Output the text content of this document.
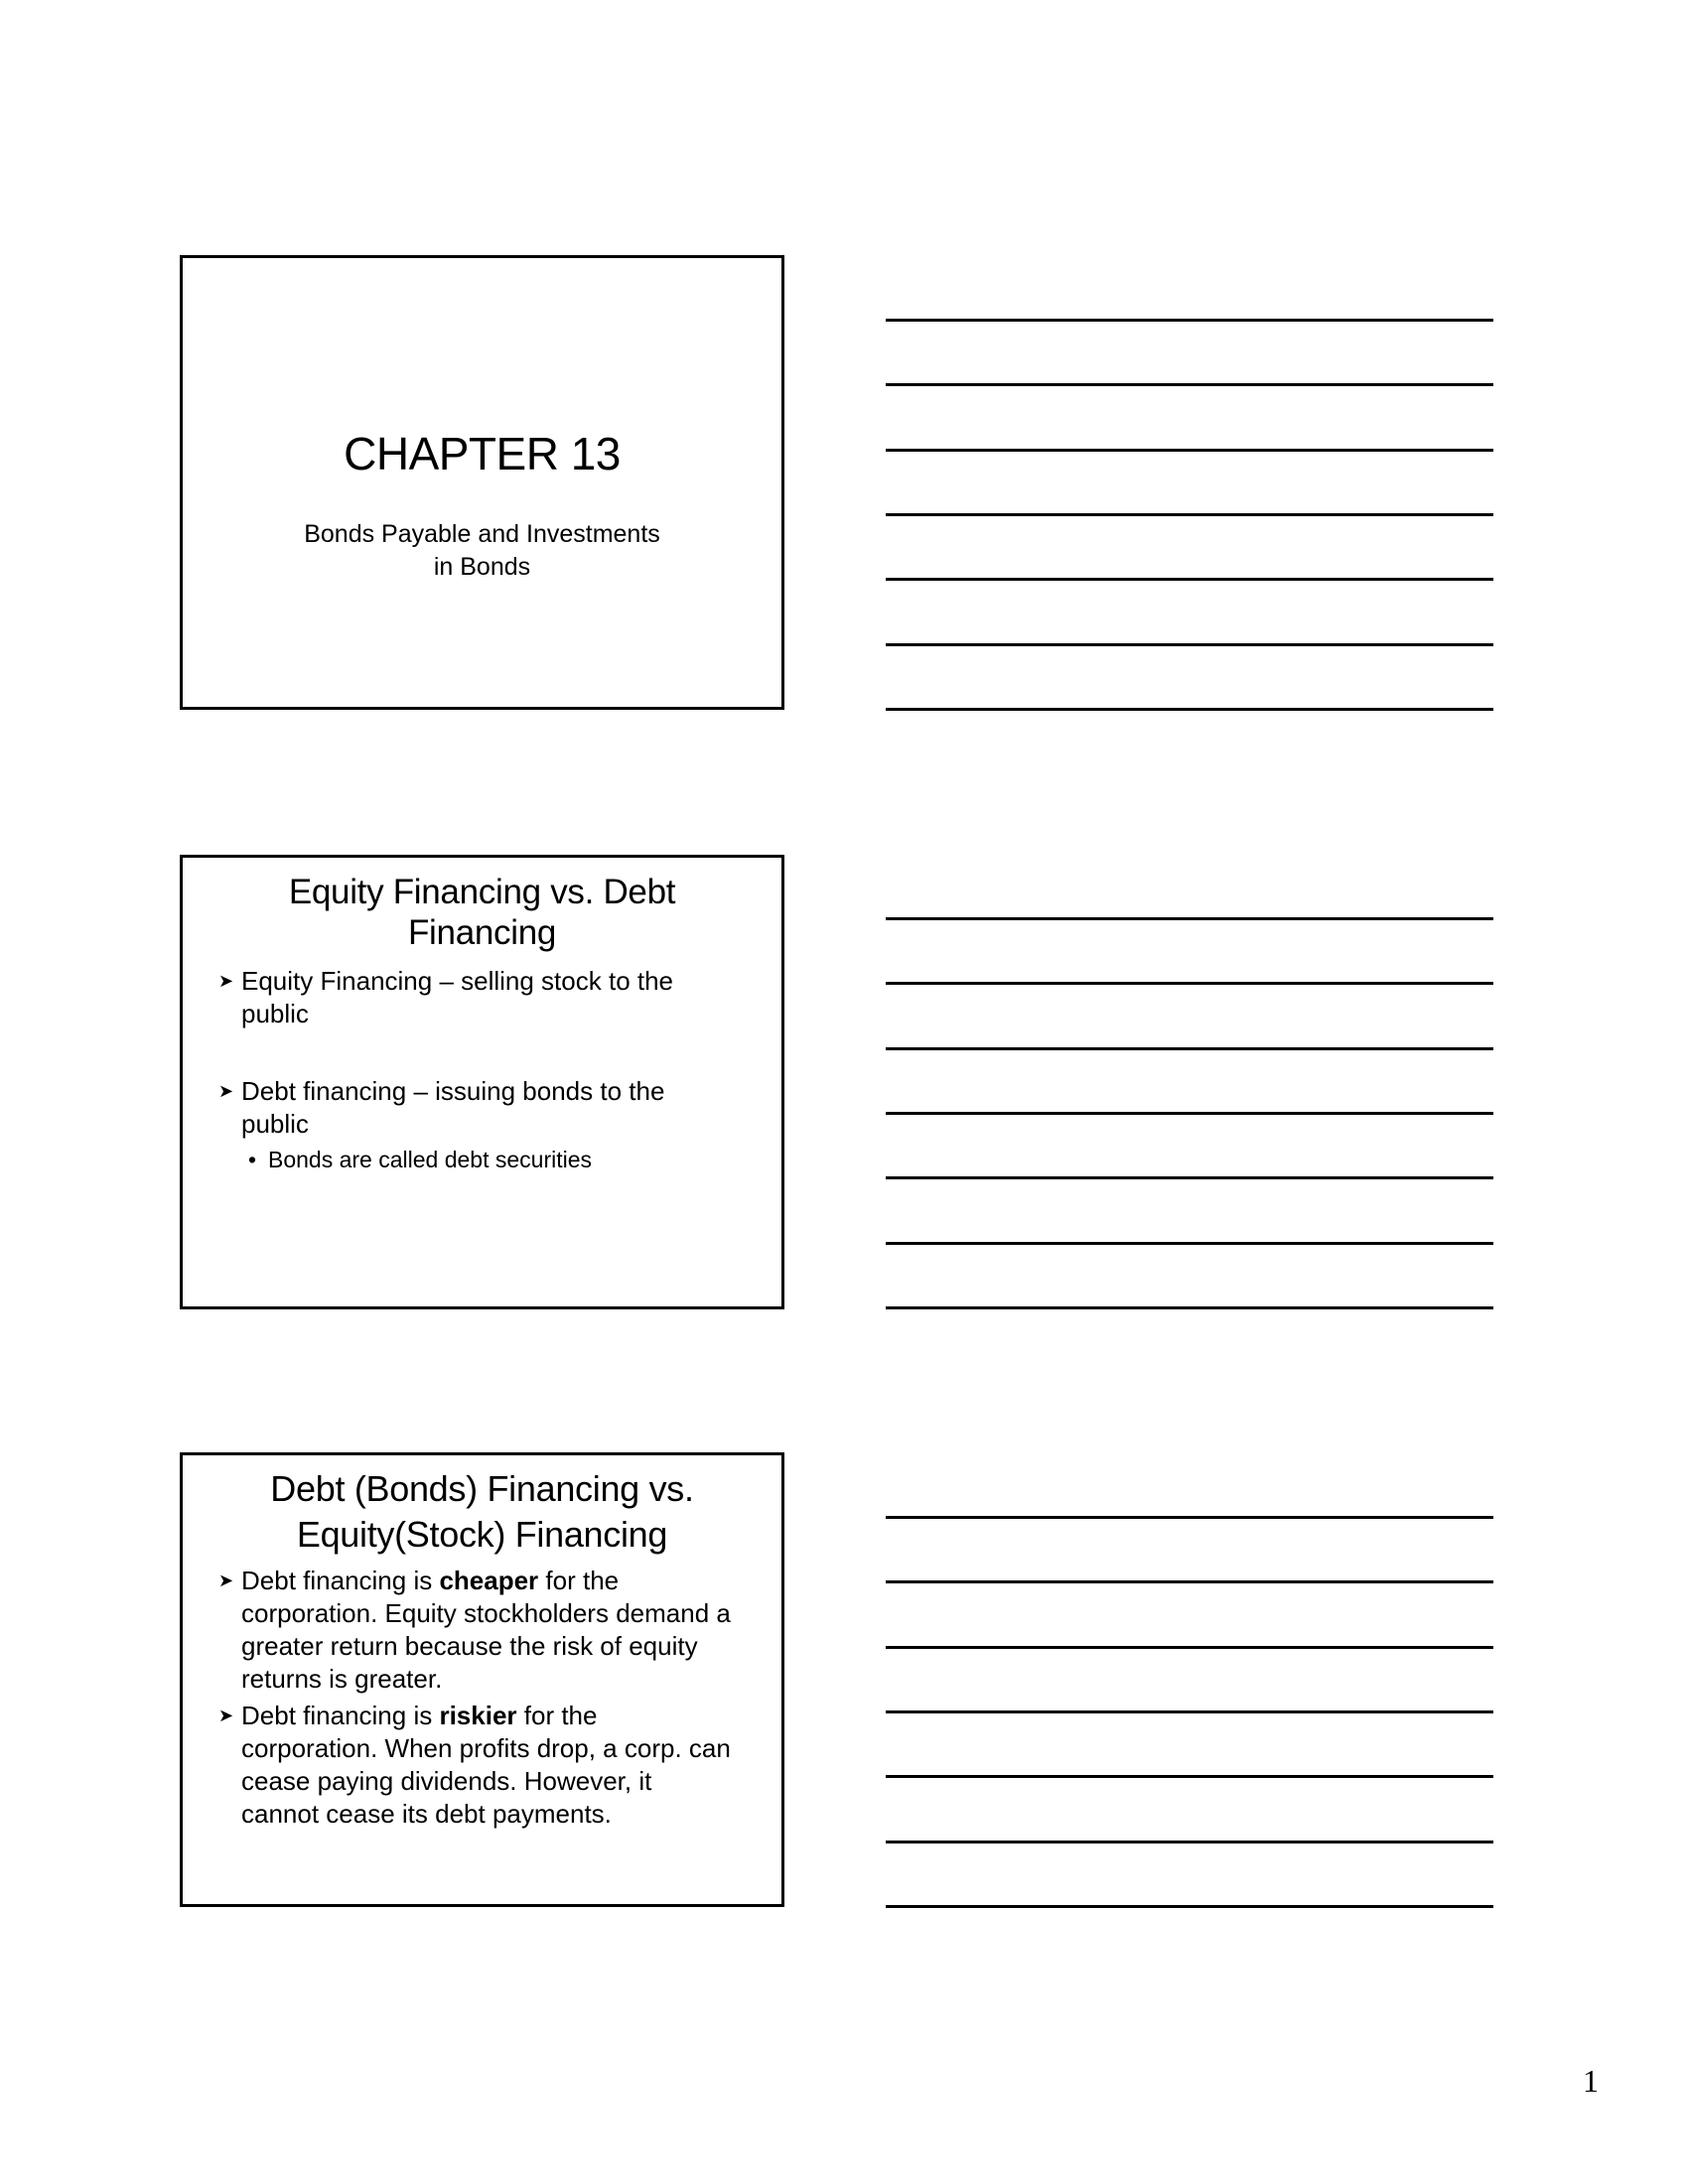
CHAPTER 13
Bonds Payable and Investments
in Bonds
Equity Financing vs. Debt
Financing
➤ Equity Financing – selling stock to the
public
➤ Debt financing – issuing bonds to the
public
• Bonds are called debt securities
Debt (Bonds) Financing vs.
Equity(Stock) Financing
➤ Debt financing is cheaper for the
corporation. Equity stockholders demand a
greater return because the risk of equity
returns is greater.
➤ Debt financing is riskier for the
corporation. When profits drop, a corp. can
cease paying dividends. However, it
cannot cease its debt payments.
1
